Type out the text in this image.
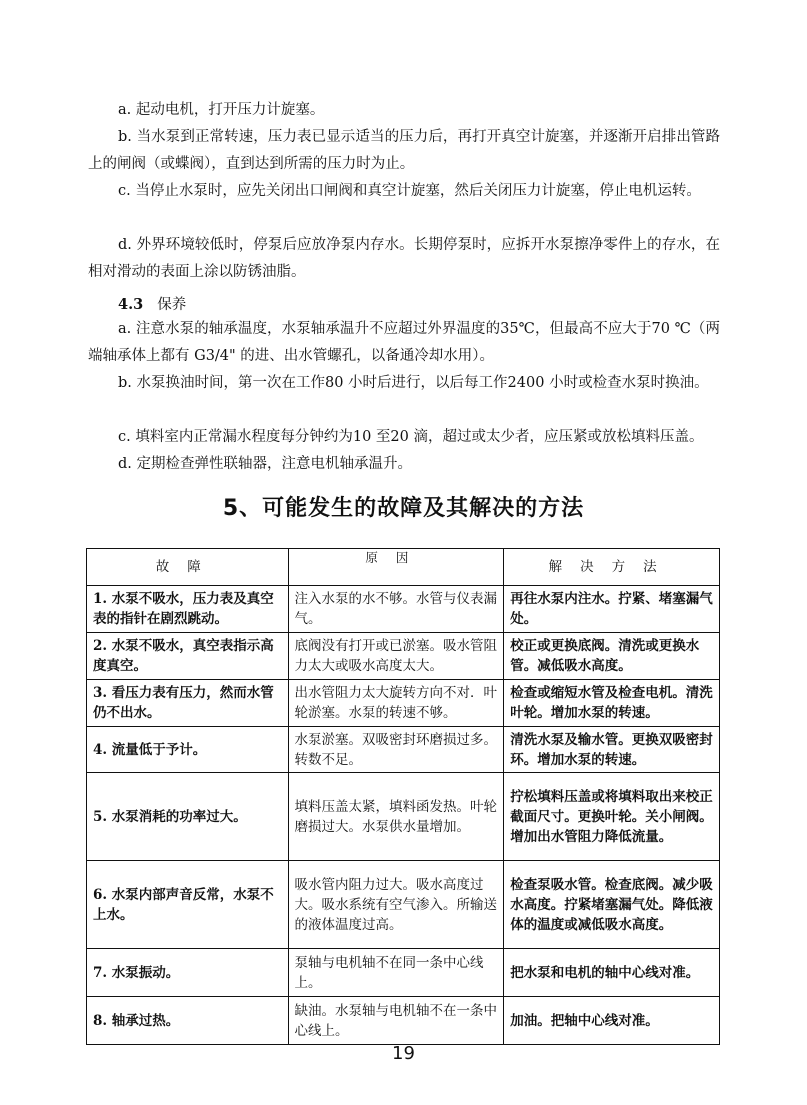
a. 起动电机，打开压力计旋塞。

b. 当水泵到正常转速，压力表已显示适当的压力后，再打开真空计旋塞，并逐渐开启排出管路上的闸阀（或蝶阀），直到达到所需的压力时为止。

c. 当停止水泵时，应先关闭出口闸阀和真空计旋塞，然后关闭压力计旋塞，停止电机运转。

d. 外界环境较低时，停泵后应放净泵内存水。长期停泵时，应拆开水泵擦净零件上的存水，在相对滑动的表面上涂以防锈油脂。

4.3 保养

a. 注意水泵的轴承温度，水泵轴承温升不应超过外界温度的35℃，但最高不应大于70 ℃（两端轴承体上都有 G3/4" 的进、出水管螺孔，以备通冷却水用）。

b. 水泵换油时间，第一次在工作80 小时后进行，以后每工作2400 小时或检查水泵时换油。

c. 填料室内正常漏水程度每分钟约为10 至20 滴，超过或太少者，应压紧或放松填料压盖。

d. 定期检查弹性联轴器，注意电机轴承温升。

5、可能发生的故障及其解决的方法
故障	原因	解决方法
1. 水泵不吸水，压力表及真空表的指针在剧烈跳动。	注入水泵的水不够。水管与仪表漏气。	再往水泵内注水。拧紧、堵塞漏气处。
2. 水泵不吸水，真空表指示高度真空。	底阀没有打开或已淤塞。吸水管阻力太大或吸水高度太大。	校正或更换底阀。清洗或更换水管。减低吸水高度。
3. 看压力表有压力，然而水管仍不出水。	出水管阻力太大旋转方向不对．叶轮淤塞。水泵的转速不够。	检查或缩短水管及检查电机。清洗叶轮。增加水泵的转速。
4. 流量低于予计。	水泵淤塞。双吸密封环磨损过多。转数不足。	清洗水泵及输水管。更换双吸密封环。增加水泵的转速。
5. 水泵消耗的功率过大。	填料压盖太紧，填料函发热。叶轮磨损过大。水泵供水量增加。	拧松填料压盖或将填料取出来校正截面尺寸。更换叶轮。关小闸阀。增加出水管阻力降低流量。
6. 水泵内部声音反常，水泵不上水。	吸水管内阻力过大。吸水高度过大。吸水系统有空气渗入。所输送的液体温度过高。	检查泵吸水管。检查底阀。减少吸水高度。拧紧堵塞漏气处。降低液体的温度或减低吸水高度。
7. 水泵振动。	泵轴与电机轴不在同一条中心线上。	把水泵和电机的轴中心线对准。
8. 轴承过热。	缺油。水泵轴与电机轴不在一条中心线上。	加油。把轴中心线对准。
19
